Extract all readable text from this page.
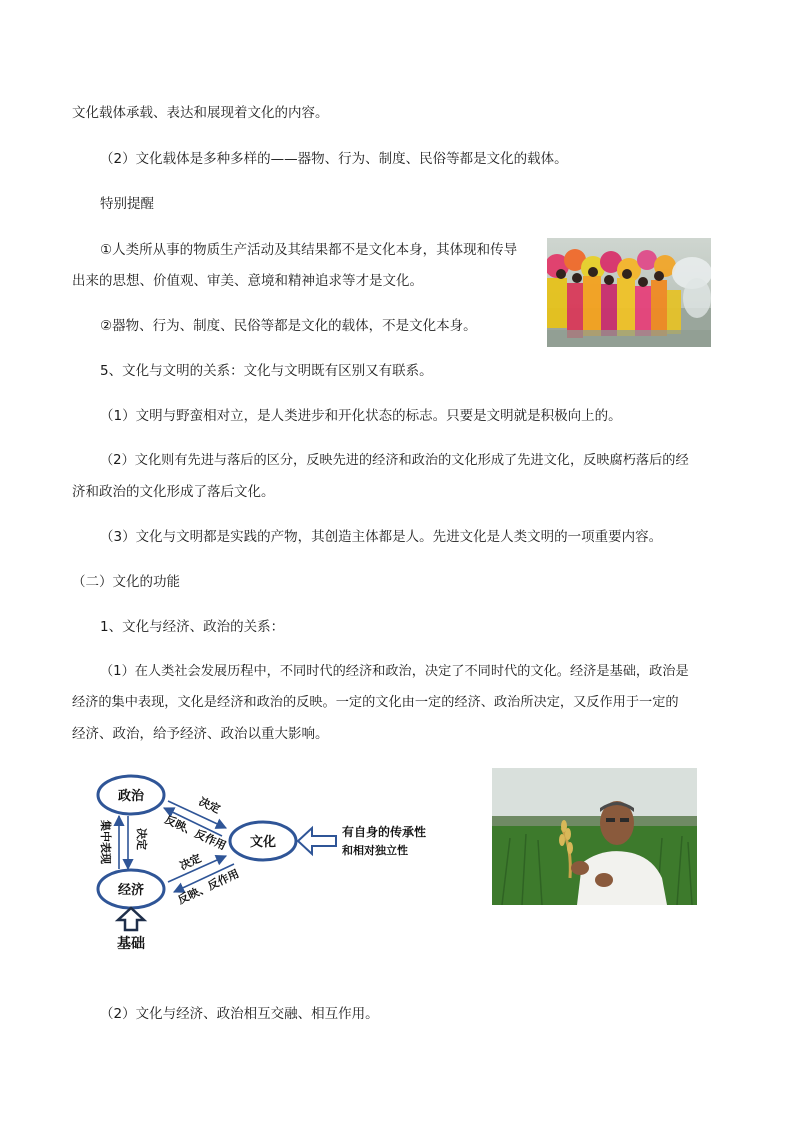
文化载体承载、表达和展现着文化的内容。
（2）文化载体是多种多样的——器物、行为、制度、民俗等都是文化的载体。
特别提醒
①人类所从事的物质生产活动及其结果都不是文化本身，其体现和传导
出来的思想、价值观、审美、意境和精神追求等才是文化。
②器物、行为、制度、民俗等都是文化的载体，不是文化本身。
5、文化与文明的关系：文化与文明既有区别又有联系。
（1）文明与野蛮相对立，是人类进步和开化状态的标志。只要是文明就是积极向上的。
（2）文化则有先进与落后的区分，反映先进的经济和政治的文化形成了先进文化，反映腐朽落后的经
济和政治的文化形成了落后文化。
（3）文化与文明都是实践的产物，其创造主体都是人。先进文化是人类文明的一项重要内容。
（二）文化的功能
1、文化与经济、政治的关系：
（1）在人类社会发展历程中，不同时代的经济和政治，决定了不同时代的文化。经济是基础，政治是
经济的集中表现，文化是经济和政治的反映。一定的文化由一定的经济、政治所决定，又反作用于一定的
经济、政治，给予经济、政治以重大影响。
（2）文化与经济、政治相互交融、相互作用。
政治
文化
经济
决定
反映、反作用
决定
反映、反作用
集中表现 决定	有自身的传承性
和相对独立性
基础
